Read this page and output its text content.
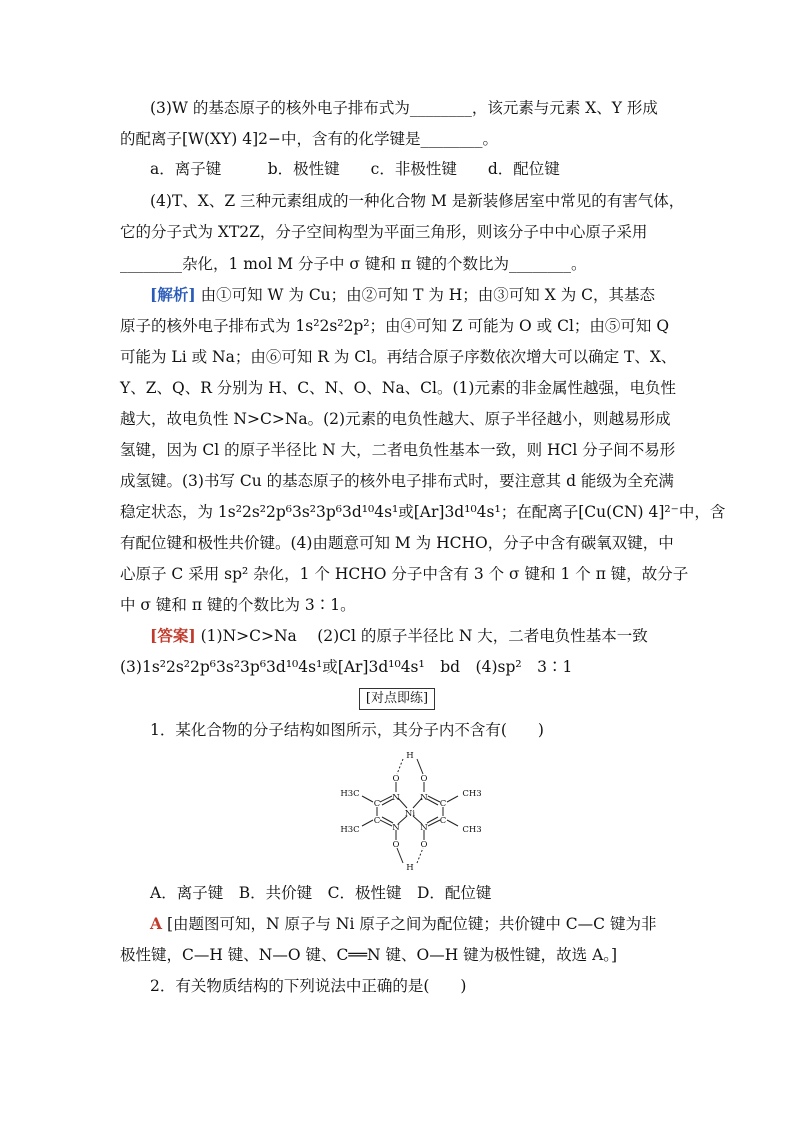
(3)W 的基态原子的核外电子排布式为________，该元素与元素 X、Y 形成
的配离子[W(XY) 4]2−中，含有的化学键是________。
a．离子键　　　b．极性键　　c．非极性键　　d．配位键
(4)T、X、Z 三种元素组成的一种化合物 M 是新装修居室中常见的有害气体，
它的分子式为 XT2Z，分子空间构型为平面三角形，则该分子中中心原子采用
________杂化，1 mol M 分子中 σ 键和 π 键的个数比为________。
[解析] 由①可知 W 为 Cu；由②可知 T 为 H；由③可知 X 为 C，其基态
原子的核外电子排布式为 1s²2s²2p²；由④可知 Z 可能为 O 或 Cl；由⑤可知 Q
可能为 Li 或 Na；由⑥可知 R 为 Cl。再结合原子序数依次增大可以确定 T、X、
Y、Z、Q、R 分别为 H、C、N、O、Na、Cl。(1)元素的非金属性越强，电负性
越大，故电负性 N>C>Na。(2)元素的电负性越大、原子半径越小，则越易形成
氢键，因为 Cl 的原子半径比 N 大，二者电负性基本一致，则 HCl 分子间不易形
成氢键。(3)书写 Cu 的基态原子的核外电子排布式时，要注意其 d 能级为全充满
稳定状态，为 1s²2s²2p⁶3s²3p⁶3d¹⁰4s¹或[Ar]3d¹⁰4s¹；在配离子[Cu(CN) 4]²⁻中，含
有配位键和极性共价键。(4)由题意可知 M 为 HCHO，分子中含有碳氧双键，中
心原子 C 采用 sp² 杂化，1 个 HCHO 分子中含有 3 个 σ 键和 1 个 π 键，故分子
中 σ 键和 π 键的个数比为 3∶1。
[答案] (1)N>C>Na　 (2)Cl 的原子半径比 N 大，二者电负性基本一致
(3)1s²2s²2p⁶3s²3p⁶3d¹⁰4s¹或[Ar]3d¹⁰4s¹　bd　(4)sp²　3∶1
[对点即练]
1．某化合物的分子结构如图所示，其分子内不含有(　　)
H
O O
O O
N N
N N
Ni
C	C
C	C
H3C
H3C
CH3
CH3
H
A．离子键　B．共价键　C．极性键　D．配位键
A [由题图可知，N 原子与 Ni 原子之间为配位键；共价键中 C—C 键为非
极性键，C—H 键、N—O 键、C══N 键、O—H 键为极性键，故选 A。]
2．有关物质结构的下列说法中正确的是(　　)
